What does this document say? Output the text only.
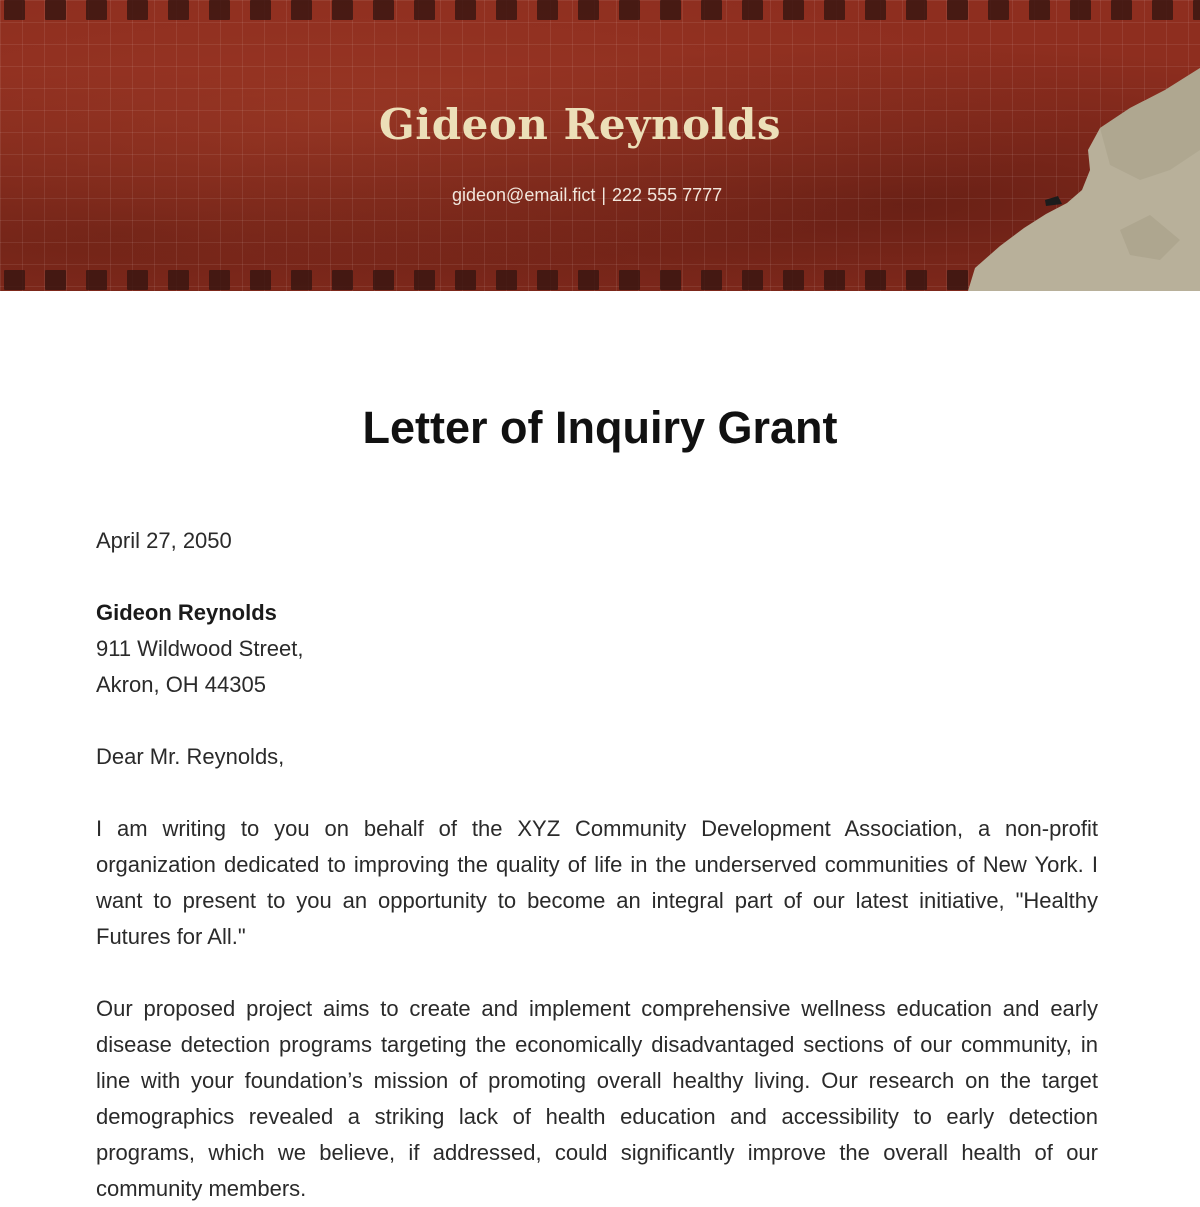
Gideon Reynolds
gideon@email.fict | 222 555 7777
Letter of Inquiry Grant
April 27, 2050
Gideon Reynolds
911 Wildwood Street,
Akron, OH 44305
Dear Mr. Reynolds,
I am writing to you on behalf of the XYZ Community Development Association, a non-profit organization dedicated to improving the quality of life in the underserved communities of New York. I want to present to you an opportunity to become an integral part of our latest initiative, "Healthy Futures for All."
Our proposed project aims to create and implement comprehensive wellness education and early disease detection programs targeting the economically disadvantaged sections of our community, in line with your foundation’s mission of promoting overall healthy living. Our research on the target demographics revealed a striking lack of health education and accessibility to early detection programs, which we believe, if addressed, could significantly improve the overall health of our community members.
